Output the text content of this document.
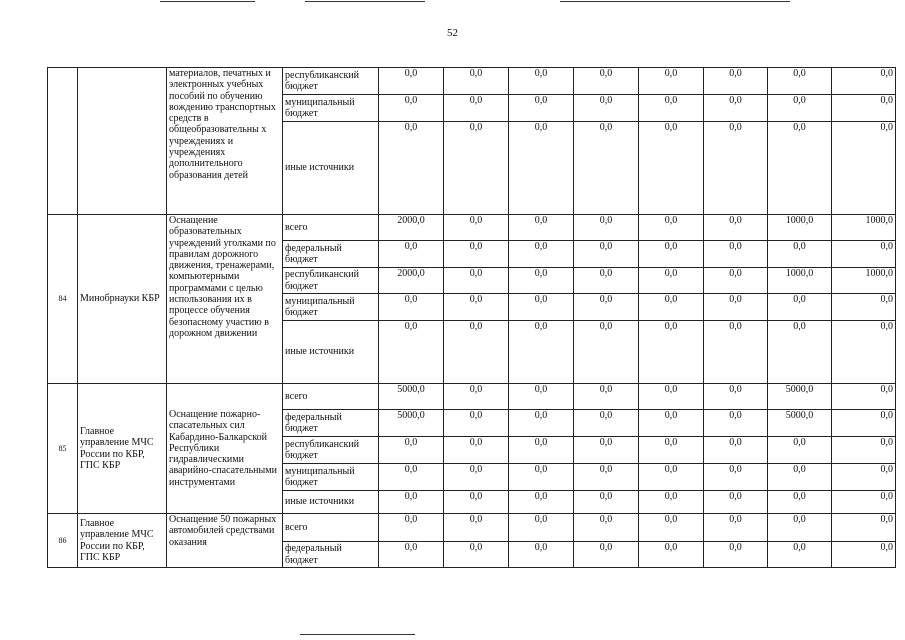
52
		материалов, печатных и электронных учебных пособий по обучению вождению транспортных средств в общеобразовательны х учреждениях и учреждениях дополнительного образования детей	республиканский бюджет	0,0	0,0	0,0	0,0	0,0	0,0	0,0	0,0
			муниципальный бюджет	0,0	0,0	0,0	0,0	0,0	0,0	0,0	0,0
			иные источники	0,0	0,0	0,0	0,0	0,0	0,0	0,0	0,0
84	Минобрнауки КБР	Оснащение образовательных учреждений уголками по правилам дорожного движения, тренажерами, компьютерными программами с целью использования их в процессе обучения безопасному участию в дорожном движении	всего	2000,0	0,0	0,0	0,0	0,0	0,0	1000,0	1000,0
			федеральный бюджет	0,0	0,0	0,0	0,0	0,0	0,0	0,0	0,0
			республиканский бюджет	2000,0	0,0	0,0	0,0	0,0	0,0	1000,0	1000,0
			муниципальный бюджет	0,0	0,0	0,0	0,0	0,0	0,0	0,0	0,0
			иные источники	0,0	0,0	0,0	0,0	0,0	0,0	0,0	0,0
85	Главное управление МЧС России по КБР, ГПС КБР	Оснащение пожарно-спасательных сил Кабардино-Балкарской Республики гидравлическими аварийно-спасательными инструментами	всего	5000,0	0,0	0,0	0,0	0,0	0,0	5000,0	0,0
			федеральный бюджет	5000,0	0,0	0,0	0,0	0,0	0,0	5000,0	0,0
			республиканский бюджет	0,0	0,0	0,0	0,0	0,0	0,0	0,0	0,0
			муниципальный бюджет	0,0	0,0	0,0	0,0	0,0	0,0	0,0	0,0
			иные источники	0,0	0,0	0,0	0,0	0,0	0,0	0,0	0,0
86	Главное управление МЧС России по КБР, ГПС КБР	Оснащение 50 пожарных автомобилей средствами оказания	всего	0,0	0,0	0,0	0,0	0,0	0,0	0,0	0,0
			федеральный бюджет	0,0	0,0	0,0	0,0	0,0	0,0	0,0	0,0
